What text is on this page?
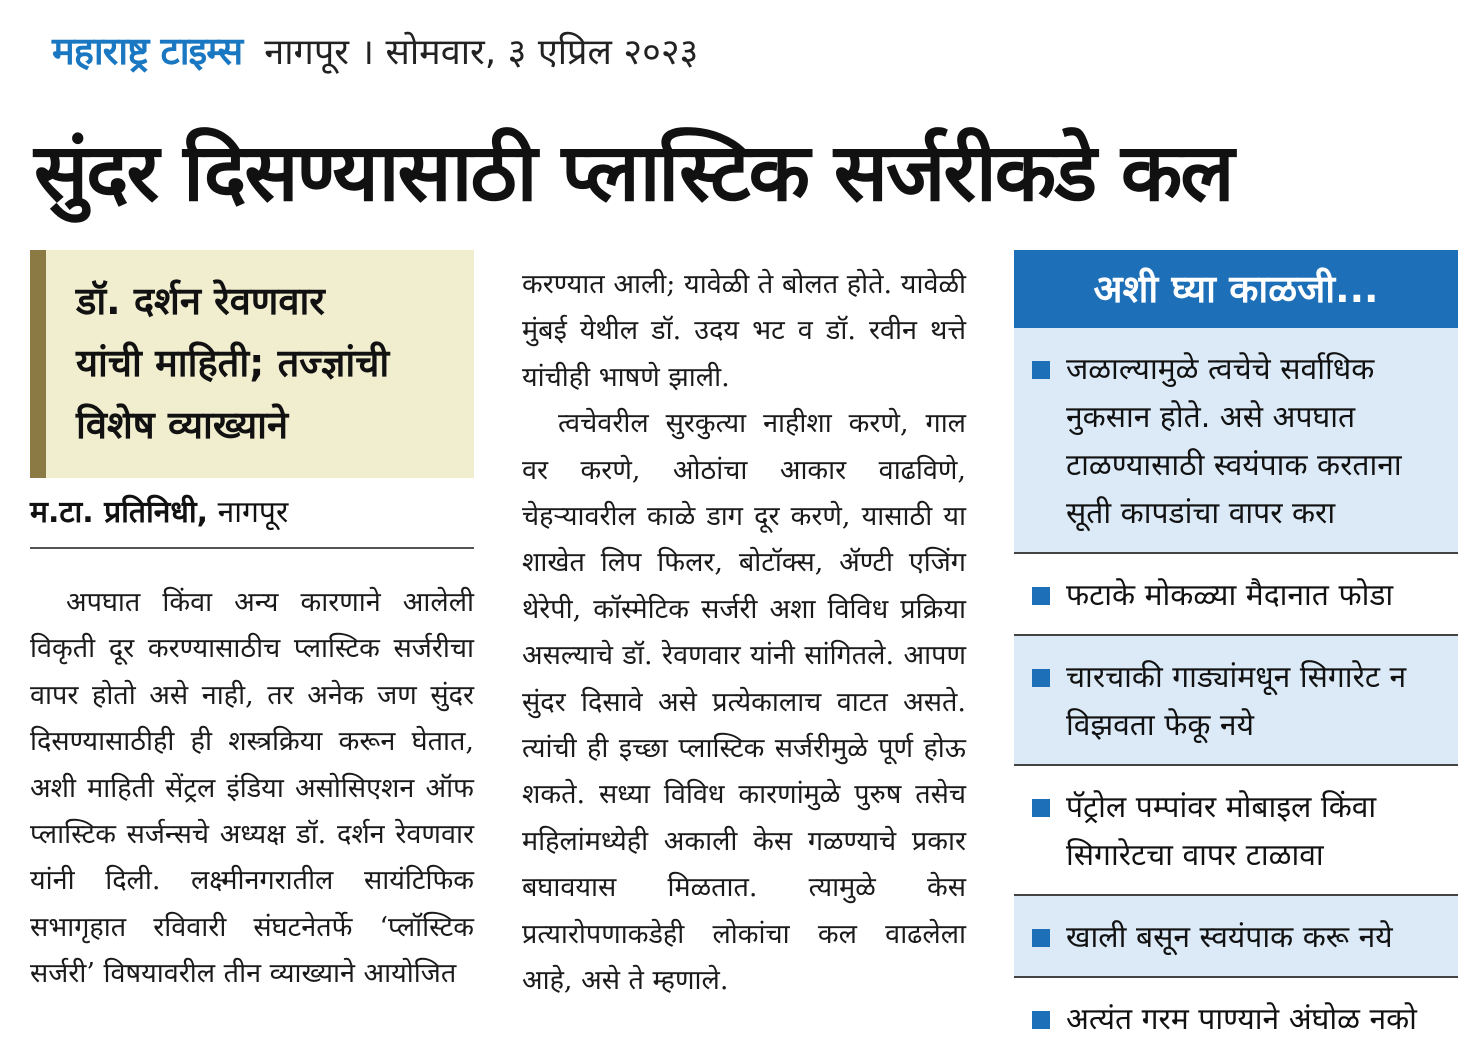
महाराष्ट्र टाइम्स नागपूर । सोमवार, ३ एप्रिल २०२३
सुंदर दिसण्यासाठी प्लास्टिक सर्जरीकडे कल

डॉ. दर्शन रेवणवार

यांची माहिती; तज्ज्ञांची

विशेष व्याख्याने

म.टा. प्रतिनिधी, नागपूर

अपघात किंवा अन्य कारणाने आलेली विकृती दूर करण्यासाठीच प्लास्टिक सर्जरीचा वापर होतो असे नाही, तर अनेक जण सुंदर दिसण्यासाठीही ही शस्त्रक्रिया करून घेतात, अशी माहिती सेंट्रल इंडिया असोसिएशन ऑफ प्लास्टिक सर्जन्सचे अध्यक्ष डॉ. दर्शन रेवणवार यांनी दिली. लक्ष्मीनगरातील सायंटिफिक सभागृहात रविवारी संघटनेतर्फे ‘प्लॉस्टिक सर्जरी’ विषयावरील तीन व्याख्याने आयोजित

करण्यात आली; यावेळी ते बोलत होते. यावेळी मुंबई येथील डॉ. उदय भट व डॉ. रवीन थत्ते यांचीही भाषणे झाली.

त्वचेवरील सुरकुत्या नाहीशा करणे, गाल वर करणे, ओठांचा आकार वाढविणे, चेहऱ्यावरील काळे डाग दूर करणे, यासाठी या शाखेत लिप फिलर, बोटॉक्स, ॲण्टी एजिंग थेरेपी, कॉस्मेटिक सर्जरी अशा विविध प्रक्रिया असल्याचे डॉ. रेवणवार यांनी सांगितले. आपण सुंदर दिसावे असे प्रत्येकालाच वाटत असते. त्यांची ही इच्छा प्लास्टिक सर्जरीमुळे पूर्ण होऊ शकते. सध्या विविध कारणांमुळे पुरुष तसेच महिलांमध्येही अकाली केस गळण्याचे प्रकार बघावयास मिळतात. त्यामुळे केस प्रत्यारोपणाकडेही लोकांचा कल वाढलेला आहे, असे ते म्हणाले.

अशी घ्या काळजी...
जळाल्यामुळे त्वचेचे सर्वाधिक नुकसान होते. असे अपघात टाळण्यासाठी स्वयंपाक करताना सूती कापडांचा वापर करा
फटाके मोकळ्या मैदानात फोडा
चारचाकी गाड्यांमधून सिगारेट न विझवता फेकू नये
पॅट्रोल पम्पांवर मोबाइल किंवा सिगारेटचा वापर टाळावा
खाली बसून स्वयंपाक करू नये
अत्यंत गरम पाण्याने अंघोळ नको
